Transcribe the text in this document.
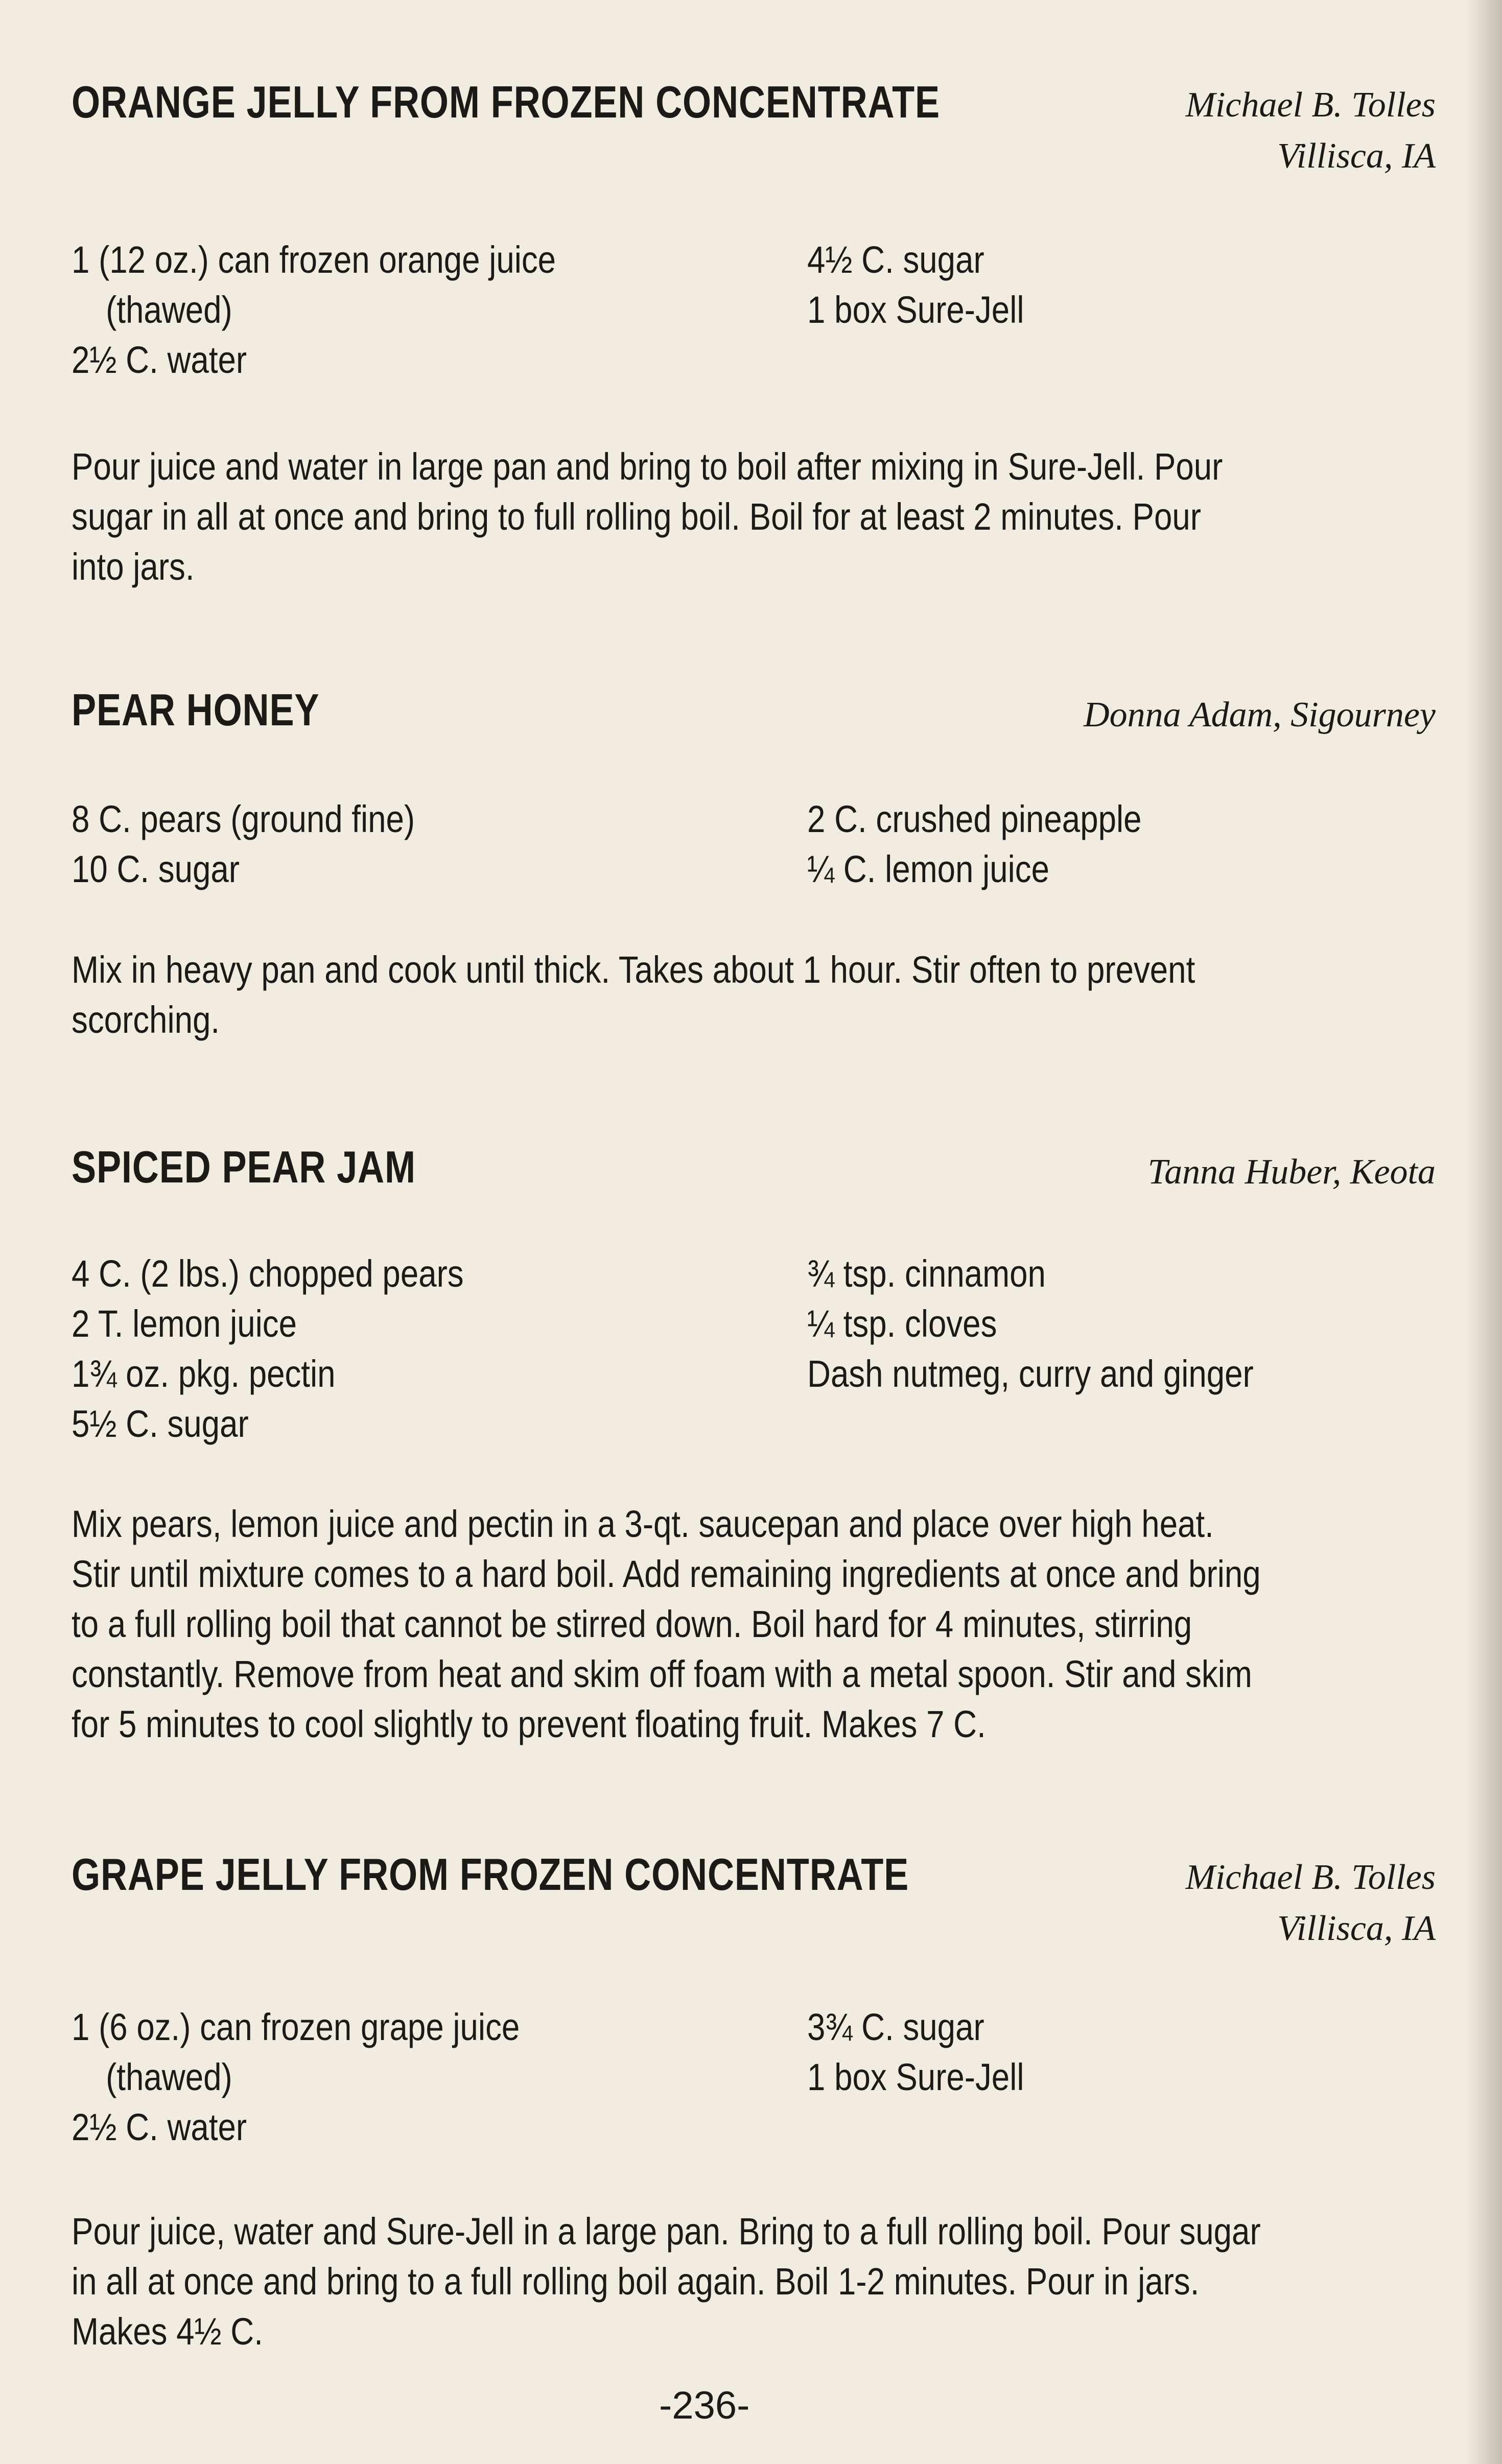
ORANGE JELLY FROM FROZEN CONCENTRATE	Michael B. Tolles
Villisca, IA
1 (12 oz.) can frozen orange juice
(thawed)
2½ C. water
4½ C. sugar
1 box Sure-Jell
Pour juice and water in large pan and bring to boil after mixing in Sure-Jell. Pour
sugar in all at once and bring to full rolling boil. Boil for at least 2 minutes. Pour
into jars.
PEAR HONEY	Donna Adam, Sigourney
8 C. pears (ground fine)
10 C. sugar
2 C. crushed pineapple
¼ C. lemon juice
Mix in heavy pan and cook until thick. Takes about 1 hour. Stir often to prevent
scorching.
SPICED PEAR JAM	Tanna Huber, Keota
4 C. (2 lbs.) chopped pears
2 T. lemon juice
1¾ oz. pkg. pectin
5½ C. sugar
¾ tsp. cinnamon
¼ tsp. cloves
Dash nutmeg, curry and ginger
Mix pears, lemon juice and pectin in a 3-qt. saucepan and place over high heat.
Stir until mixture comes to a hard boil. Add remaining ingredients at once and bring
to a full rolling boil that cannot be stirred down. Boil hard for 4 minutes, stirring
constantly. Remove from heat and skim off foam with a metal spoon. Stir and skim
for 5 minutes to cool slightly to prevent floating fruit. Makes 7 C.
GRAPE JELLY FROM FROZEN CONCENTRATE	Michael B. Tolles
Villisca, IA
1 (6 oz.) can frozen grape juice
(thawed)
2½ C. water
3¾ C. sugar
1 box Sure-Jell
Pour juice, water and Sure-Jell in a large pan. Bring to a full rolling boil. Pour sugar
in all at once and bring to a full rolling boil again. Boil 1-2 minutes. Pour in jars.
Makes 4½ C.
-236-
